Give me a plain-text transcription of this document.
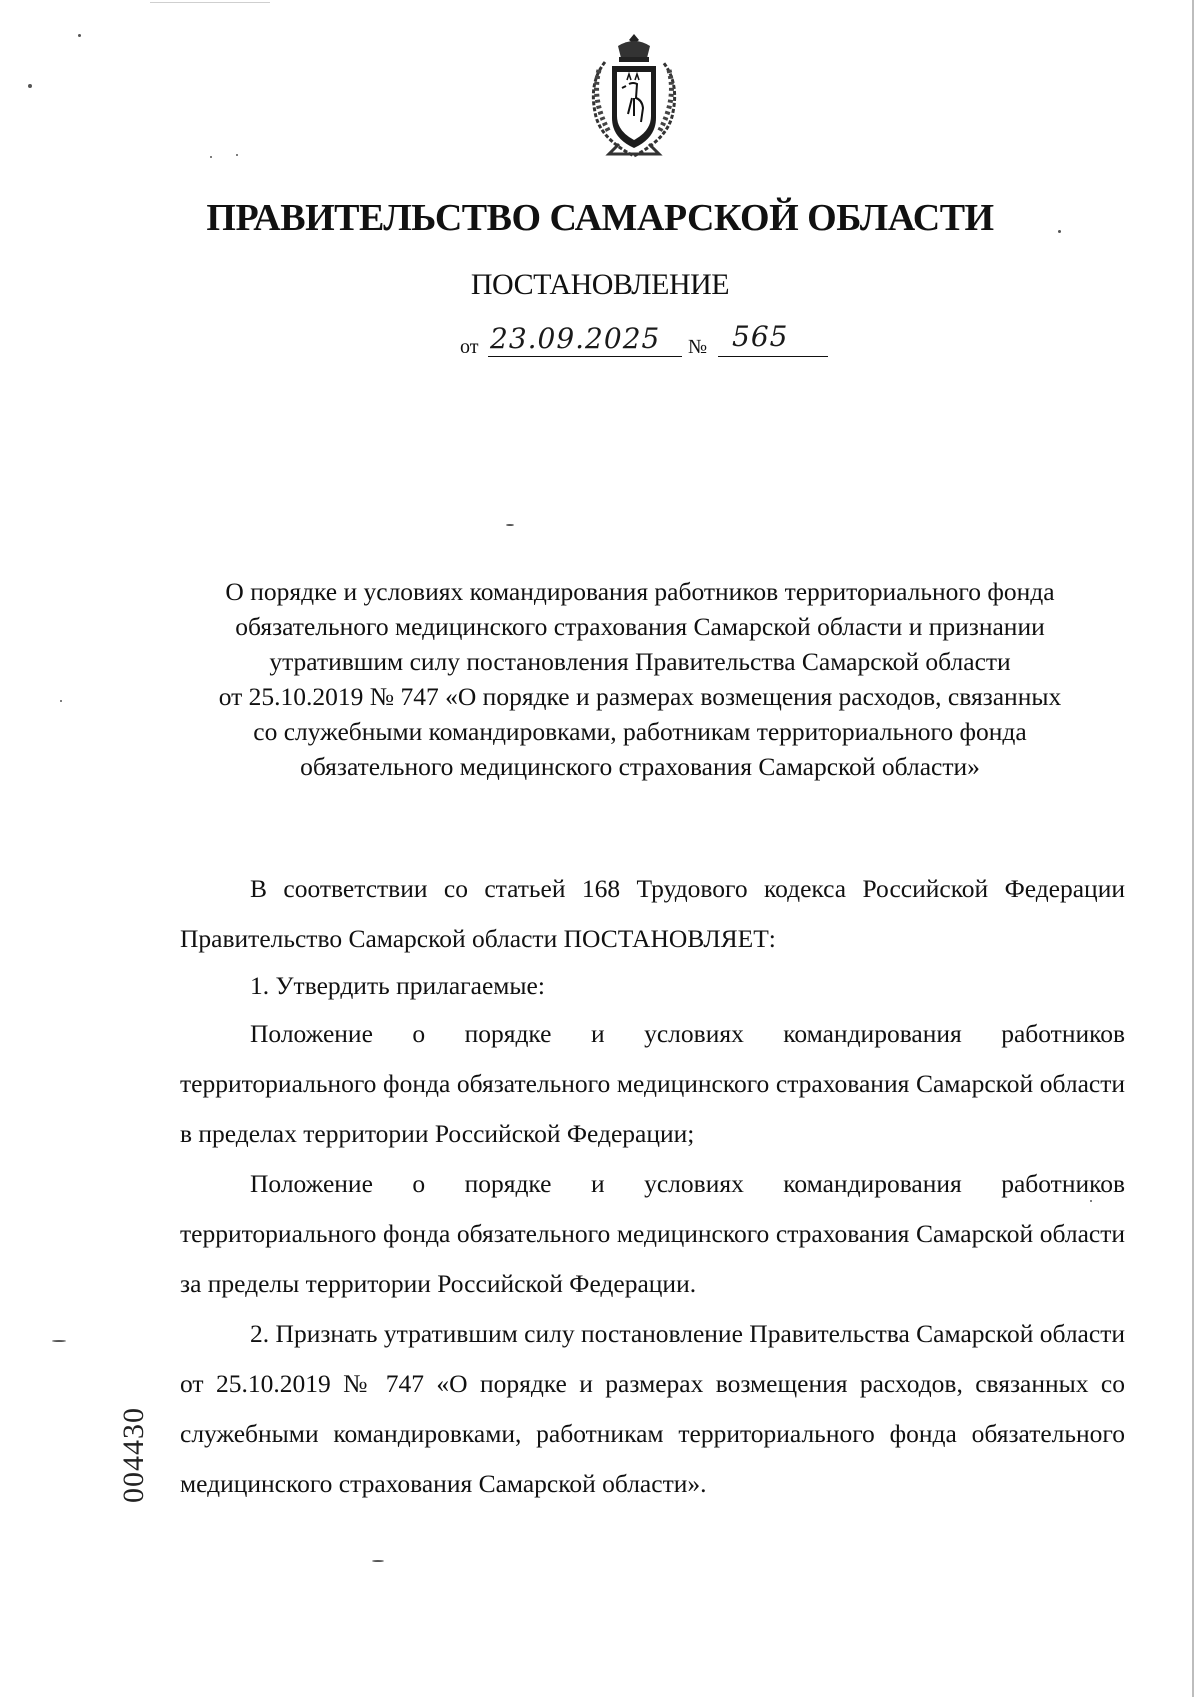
ПРАВИТЕЛЬСТВО САМАРСКОЙ ОБЛАСТИ
ПОСТАНОВЛЕНИЕ
от 23.09.2025 № 565
О порядке и условиях командирования работников территориального фонда
обязательного медицинского страхования Самарской области и признании
утратившим силу постановления Правительства Самарской области
от 25.10.2019 № 747 «О порядке и размерах возмещения расходов, связанных
со служебными командировками, работникам территориального фонда
обязательного медицинского страхования Самарской области»

В соответствии со статьей 168 Трудового кодекса Российской Федерации Правительство Самарской области ПОСТАНОВЛЯЕТ:

1. Утвердить прилагаемые:

Положение о порядке и условиях командирования работников территориального фонда обязательного медицинского страхования Самарской области в пределах территории Российской Федерации;

Положение о порядке и условиях командирования работников территориального фонда обязательного медицинского страхования Самарской области за пределы территории Российской Федерации.

2. Признать утратившим силу постановление Правительства Самарской области от 25.10.2019 № 747 «О порядке и размерах возмещения расходов, связанных со служебными командировками, работникам территориального фонда обязательного медицинского страхования Самарской области».

004430
